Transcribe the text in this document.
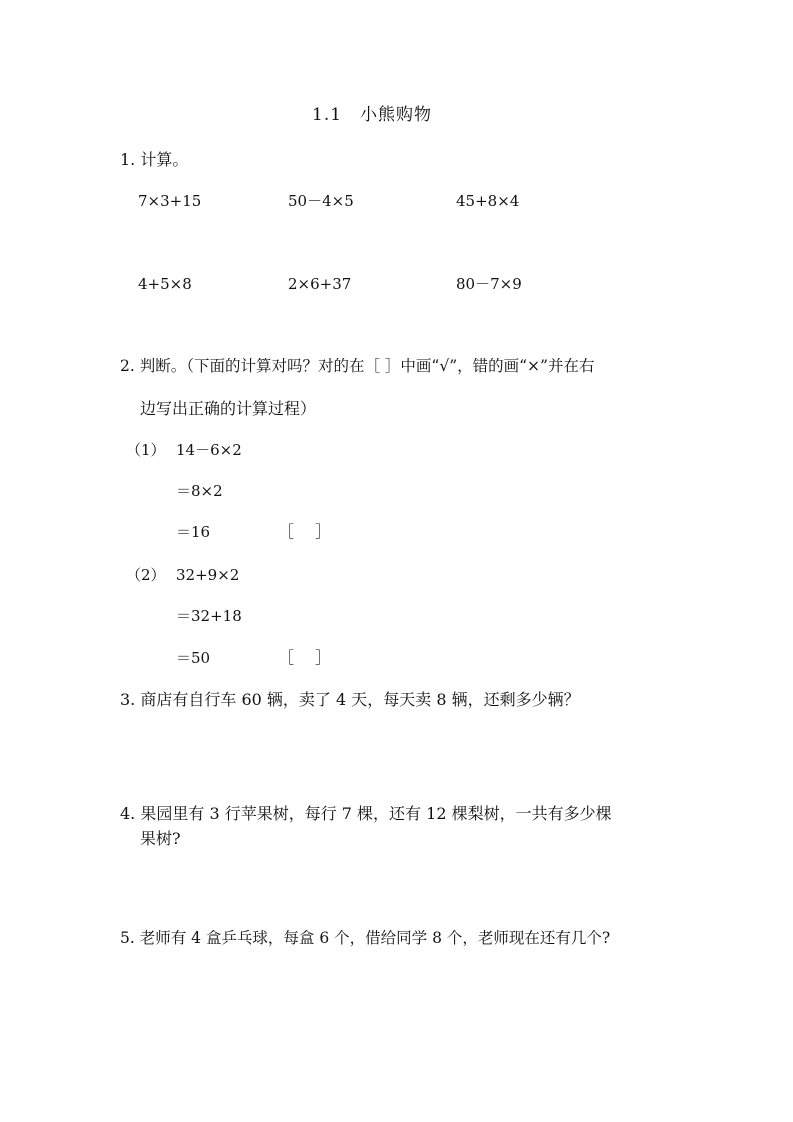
1.1　小熊购物
1. 计算。
7×3+15	50－4×5	45+8×4
4+5×8	2×6+37	80－7×9
2. 判断。（下面的计算对吗？对的在［ ］中画“√”，错的画“×”并在右
边写出正确的计算过程）
（1） 14－6×2
＝8×2
＝16	［　 ］
（2） 32+9×2
＝32+18
＝50	［　 ］
3. 商店有自行车 60 辆，卖了 4 天，每天卖 8 辆，还剩多少辆？
4. 果园里有 3 行苹果树，每行 7 棵，还有 12 棵梨树，一共有多少棵
果树?
5. 老师有 4 盒乒乓球，每盒 6 个，借给同学 8 个，老师现在还有几个?
